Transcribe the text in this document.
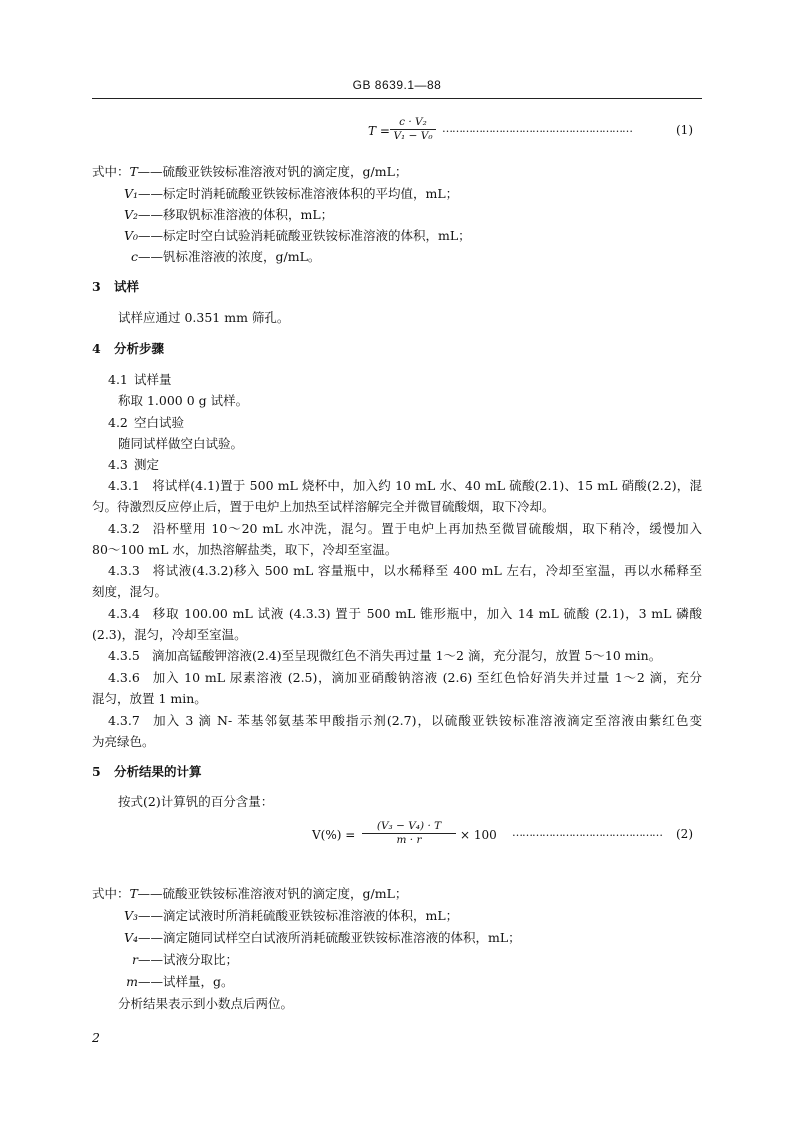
GB 8639.1—88
$T = \frac{\text{c · V₂}}{\text{V₁ − V₀}}$ …………………………………………………	(1)
式中：T——硫酸亚铁铵标准溶液对钒的滴定度，g/mL；
V₁——标定时消耗硫酸亚铁铵标准溶液体积的平均值，mL；
V₂——移取钒标准溶液的体积，mL；
V₀——标定时空白试验消耗硫酸亚铁铵标准溶液的体积，mL；
c——钒标准溶液的浓度，g/mL。
3 试样
试样应通过 0.351 mm 筛孔。
4 分析步骤
4.1 试样量
称取 1.000 0 g 试样。
4.2 空白试验
随同试样做空白试验。
4.3 测定
4.3.1 将试样(4.1)置于 500 mL 烧杯中，加入约 10 mL 水、40 mL 硫酸(2.1)、15 mL 硝酸(2.2)，混
匀。待激烈反应停止后，置于电炉上加热至试样溶解完全并微冒硫酸烟，取下冷却。
4.3.2 沿杯壁用 10～20 mL 水冲洗，混匀。置于电炉上再加热至微冒硫酸烟，取下稍冷，缓慢加入
80～100 mL 水，加热溶解盐类，取下，冷却至室温。
4.3.3 将试液(4.3.2)移入 500 mL 容量瓶中，以水稀释至 400 mL 左右，冷却至室温，再以水稀释至
刻度，混匀。
4.3.4 移取 100.00 mL 试液 (4.3.3) 置于 500 mL 锥形瓶中，加入 14 mL 硫酸 (2.1)，3 mL 磷酸
(2.3)，混匀，冷却至室温。
4.3.5 滴加高锰酸钾溶液(2.4)至呈现微红色不消失再过量 1～2 滴，充分混匀，放置 5～10 min。
4.3.6 加入 10 mL 尿素溶液 (2.5)，滴加亚硝酸钠溶液 (2.6) 至红色恰好消失并过量 1～2 滴，充分
混匀，放置 1 min。
4.3.7 加入 3 滴 N- 苯基邻氨基苯甲酸指示剂(2.7)，以硫酸亚铁铵标准溶液滴定至溶液由紫红色变
为亮绿色。
5 分析结果的计算
按式(2)计算钒的百分含量：
$V(\%) = \frac{\text{(V₃ − V₄) · T}}{m \cdot r} \times 100$ ………………………………………	(2)
式中：T——硫酸亚铁铵标准溶液对钒的滴定度，g/mL；
V₃——滴定试液时所消耗硫酸亚铁铵标准溶液的体积，mL；
V₄——滴定随同试样空白试液所消耗硫酸亚铁铵标准溶液的体积，mL；
r——试液分取比；
m——试样量，g。
分析结果表示到小数点后两位。
2
